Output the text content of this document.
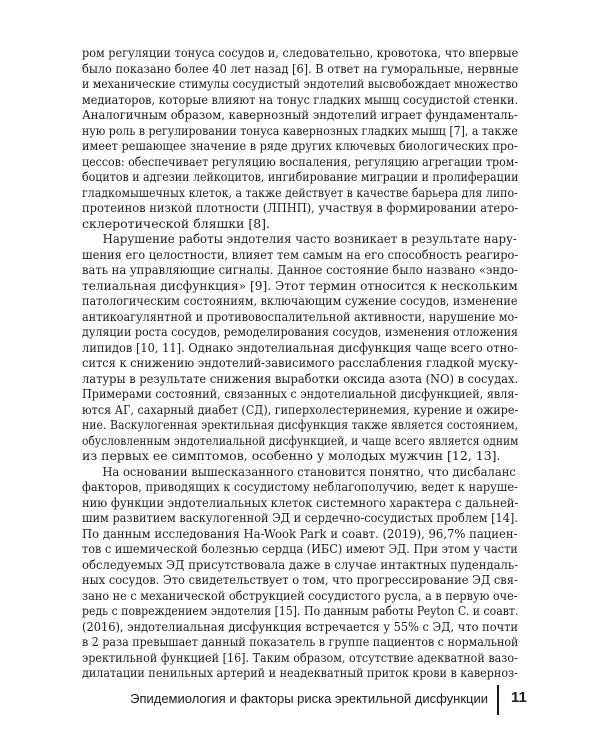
ром регуляции тонуса сосудов и, следовательно, кровотока, что впервые
было показано более 40 лет назад [6]. В ответ на гуморальные, нервные
и механические стимулы сосудистый эндотелий высвобождает множество
медиаторов, которые влияют на тонус гладких мышц сосудистой стенки.
Аналогичным образом, кавернозный эндотелий играет фундаменталь-
ную роль в регулировании тонуса кавернозных гладких мышц [7], а также
имеет решающее значение в ряде других ключевых биологических про-
цессов: обеспечивает регуляцию воспаления, регуляцию агрегации тром-
боцитов и адгезии лейкоцитов, ингибирование миграции и пролиферации
гладкомышечных клеток, а также действует в качестве барьера для липо-
протеинов низкой плотности (ЛПНП), участвуя в формировании атеро-
склеротической бляшки [8].
Нарушение работы эндотелия часто возникает в результате нару-
шения его целостности, влияет тем самым на его способность реагиро-
вать на управляющие сигналы. Данное состояние было названо «эндо-
телиальная дисфункция» [9]. Этот термин относится к нескольким
патологическим состояниям, включающим сужение сосудов, изменение
антикоагулянтной и противовоспалительной активности, нарушение мо-
дуляции роста сосудов, ремоделирования сосудов, изменения отложения
липидов [10, 11]. Однако эндотелиальная дисфункция чаще всего отно-
сится к снижению эндотелий-зависимого расслабления гладкой муску-
латуры в результате снижения выработки оксида азота (NO) в сосудах.
Примерами состояний, связанных с эндотелиальной дисфункцией, явля-
ются АГ, сахарный диабет (СД), гиперхолестеринемия, курение и ожире-
ние. Васкулогенная эректильная дисфункция также является состоянием,
обусловленным эндотелиальной дисфункцией, и чаще всего является одним
из первых ее симптомов, особенно у молодых мужчин [12, 13].
На основании вышесказанного становится понятно, что дисбаланс
факторов, приводящих к сосудистому неблагополучию, ведет к наруше-
нию функции эндотелиальных клеток системного характера с дальней-
шим развитием васкулогенной ЭД и сердечно-сосудистых проблем [14].
По данным исследования Ha-Wook Park и соавт. (2019), 96,7% пациен-
тов с ишемической болезнью сердца (ИБС) имеют ЭД. При этом у части
обследуемых ЭД присутствовала даже в случае интактных пудендаль-
ных сосудов. Это свидетельствует о том, что прогрессирование ЭД свя-
зано не с механической обструкцией сосудистого русла, а в первую оче-
редь с повреждением эндотелия [15]. По данным работы Peyton C. и соавт.
(2016), эндотелиальная дисфункция встречается у 55% с ЭД, что почти
в 2 раза превышает данный показатель в группе пациентов с нормальной
эректильной функцией [16]. Таким образом, отсутствие адекватной вазо-
дилатации пенильных артерий и неадекватный приток крови в каверноз-
Эпидемиология и факторы риска эректильной дисфункции 11
